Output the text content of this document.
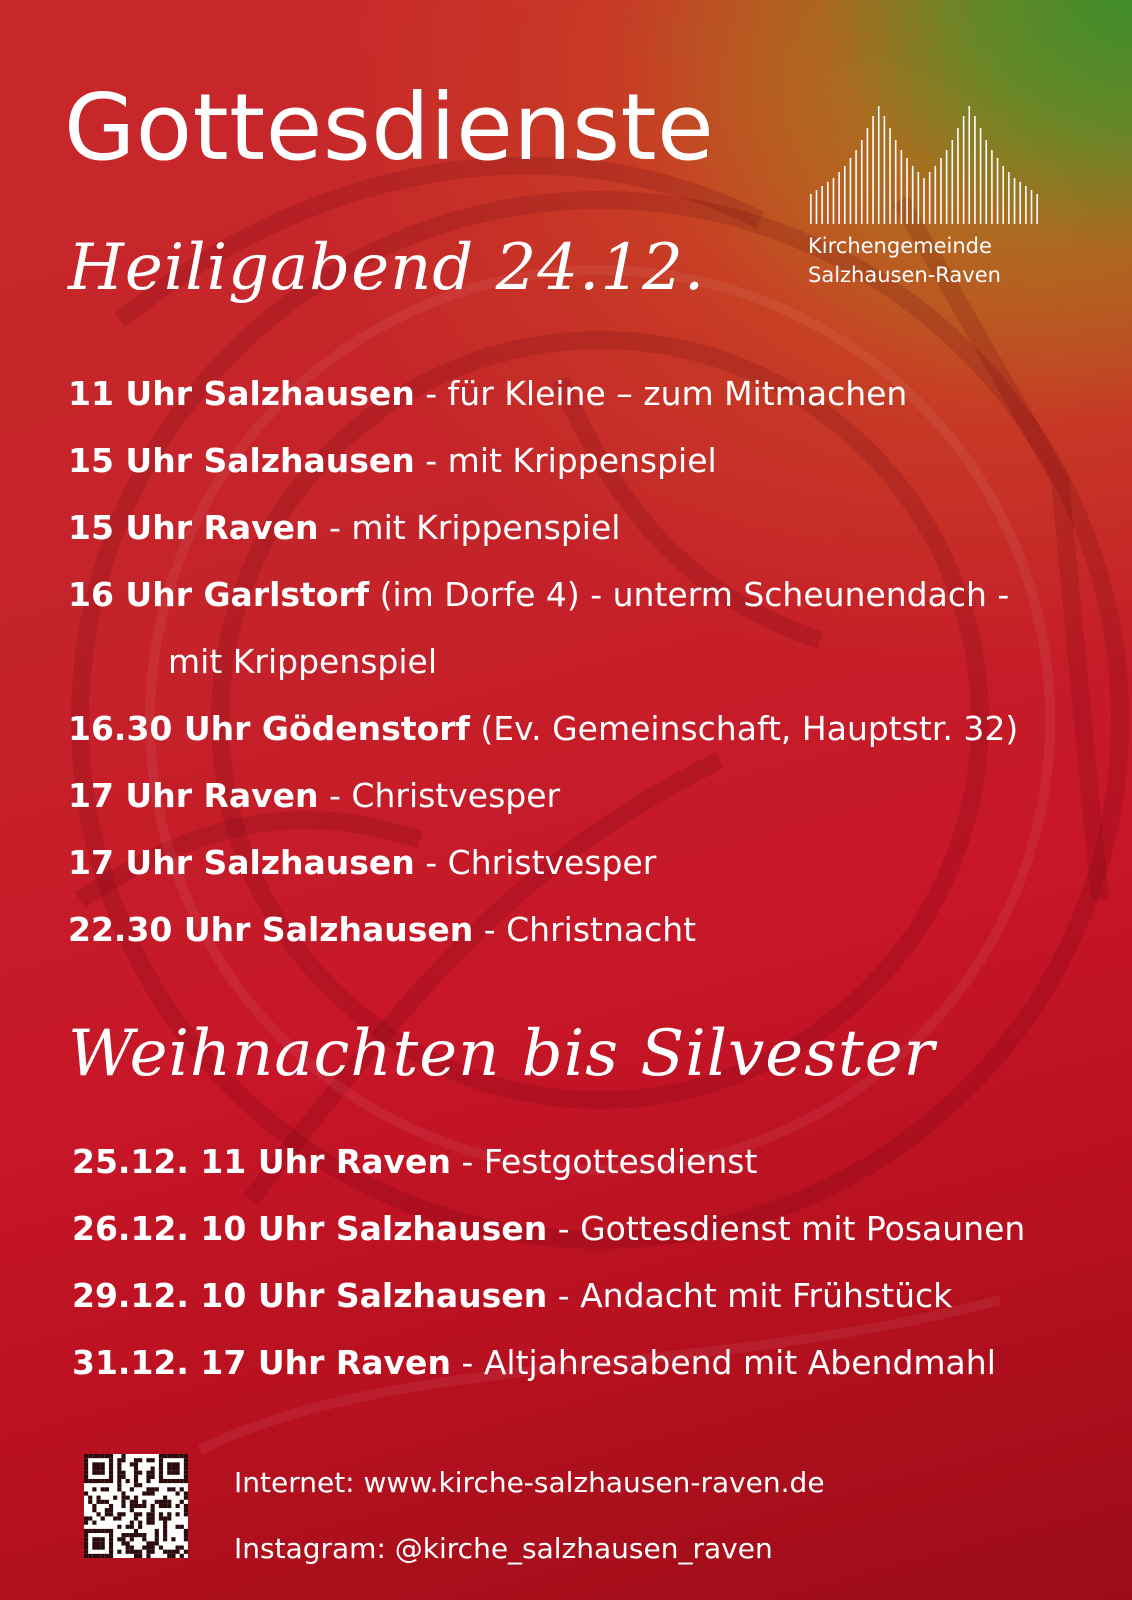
Gottesdienste
Kirchengemeinde
Salzhausen-Raven
Heiligabend 24.12.
11 Uhr Salzhausen - für Kleine – zum Mitmachen
15 Uhr Salzhausen - mit Krippenspiel
15 Uhr Raven - mit Krippenspiel
16 Uhr Garlstorf (im Dorfe 4) - unterm Scheunendach -
mit Krippenspiel
16.30 Uhr Gödenstorf (Ev. Gemeinschaft, Hauptstr. 32)
17 Uhr Raven - Christvesper
17 Uhr Salzhausen - Christvesper
22.30 Uhr Salzhausen - Christnacht
Weihnachten bis Silvester
25.12. 11 Uhr Raven - Festgottesdienst
26.12. 10 Uhr Salzhausen - Gottesdienst mit Posaunen
29.12. 10 Uhr Salzhausen - Andacht mit Frühstück
31.12. 17 Uhr Raven - Altjahresabend mit Abendmahl
Internet: www.kirche-salzhausen-raven.de
Instagram: @kirche_salzhausen_raven
